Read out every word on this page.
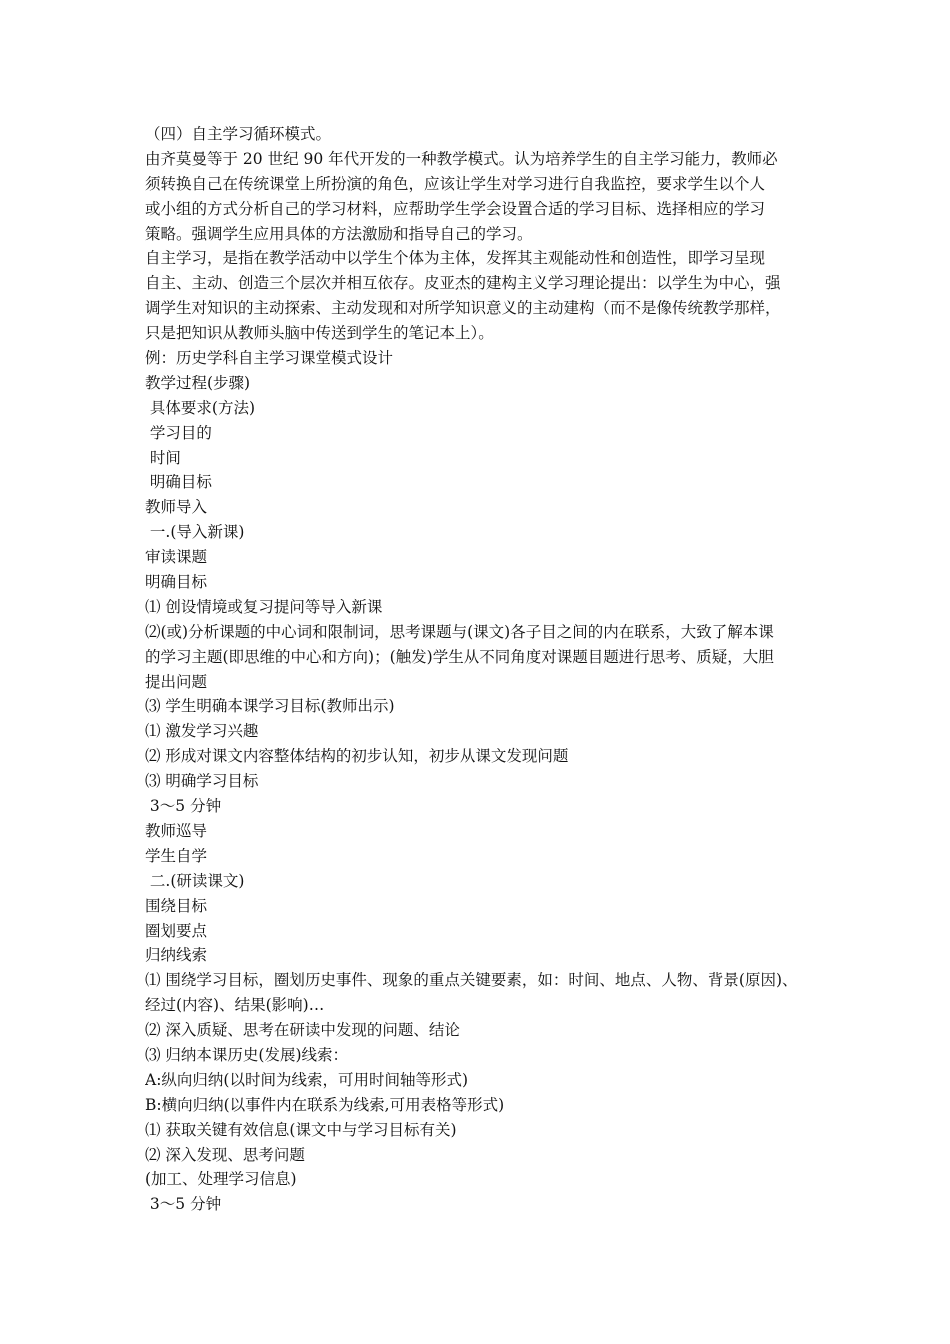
（四）自主学习循环模式。
由齐莫曼等于 20 世纪 90 年代开发的一种教学模式。认为培养学生的自主学习能力，教师必
须转换自己在传统课堂上所扮演的角色，应该让学生对学习进行自我监控，要求学生以个人
或小组的方式分析自己的学习材料，应帮助学生学会设置合适的学习目标、选择相应的学习
策略。强调学生应用具体的方法激励和指导自己的学习。
自主学习，是指在教学活动中以学生个体为主体，发挥其主观能动性和创造性，即学习呈现
自主、主动、创造三个层次并相互依存。皮亚杰的建构主义学习理论提出：以学生为中心，强
调学生对知识的主动探索、主动发现和对所学知识意义的主动建构（而不是像传统教学那样，
只是把知识从教师头脑中传送到学生的笔记本上）。
例：历史学科自主学习课堂模式设计
教学过程(步骤)
具体要求(方法)
学习目的
时间
明确目标
教师导入
一.(导入新课)
审读课题
明确目标
⑴ 创设情境或复习提问等导入新课
⑵(或)分析课题的中心词和限制词，思考课题与(课文)各子目之间的内在联系，大致了解本课
的学习主题(即思维的中心和方向)；(触发)学生从不同角度对课题目题进行思考、质疑，大胆
提出问题
⑶ 学生明确本课学习目标(教师出示)
⑴ 激发学习兴趣
⑵ 形成对课文内容整体结构的初步认知，初步从课文发现问题
⑶ 明确学习目标
3～5 分钟
教师巡导
学生自学
二.(研读课文)
围绕目标
圈划要点
归纳线索
⑴ 围绕学习目标，圈划历史事件、现象的重点关键要素，如：时间、地点、人物、背景(原因)、
经过(内容)、结果(影响)…
⑵ 深入质疑、思考在研读中发现的问题、结论
⑶ 归纳本课历史(发展)线索：
A:纵向归纳(以时间为线索，可用时间轴等形式)
B:横向归纳(以事件内在联系为线索,可用表格等形式)
⑴ 获取关键有效信息(课文中与学习目标有关)
⑵ 深入发现、思考问题
(加工、处理学习信息)
3～5 分钟
